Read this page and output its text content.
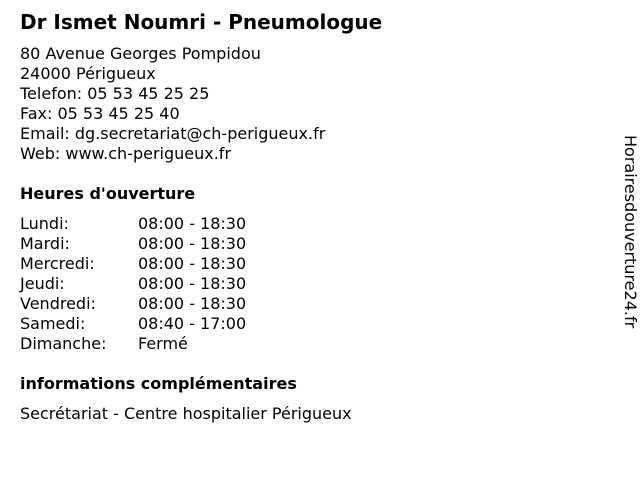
Dr Ismet Noumri - Pneumologue
80 Avenue Georges Pompidou
24000 Périgueux
Telefon: 05 53 45 25 25
Fax: 05 53 45 25 40
Email: dg.secretariat@ch-perigueux.fr
Web: www.ch-perigueux.fr
Heures d'ouverture
Lundi:	08:00 - 18:30
Mardi:	08:00 - 18:30
Mercredi:	08:00 - 18:30
Jeudi:	08:00 - 18:30
Vendredi:	08:00 - 18:30
Samedi:	08:40 - 17:00
Dimanche: Fermé
informations complémentaires
Secrétariat - Centre hospitalier Périgueux
Horairesdouverture24.fr
